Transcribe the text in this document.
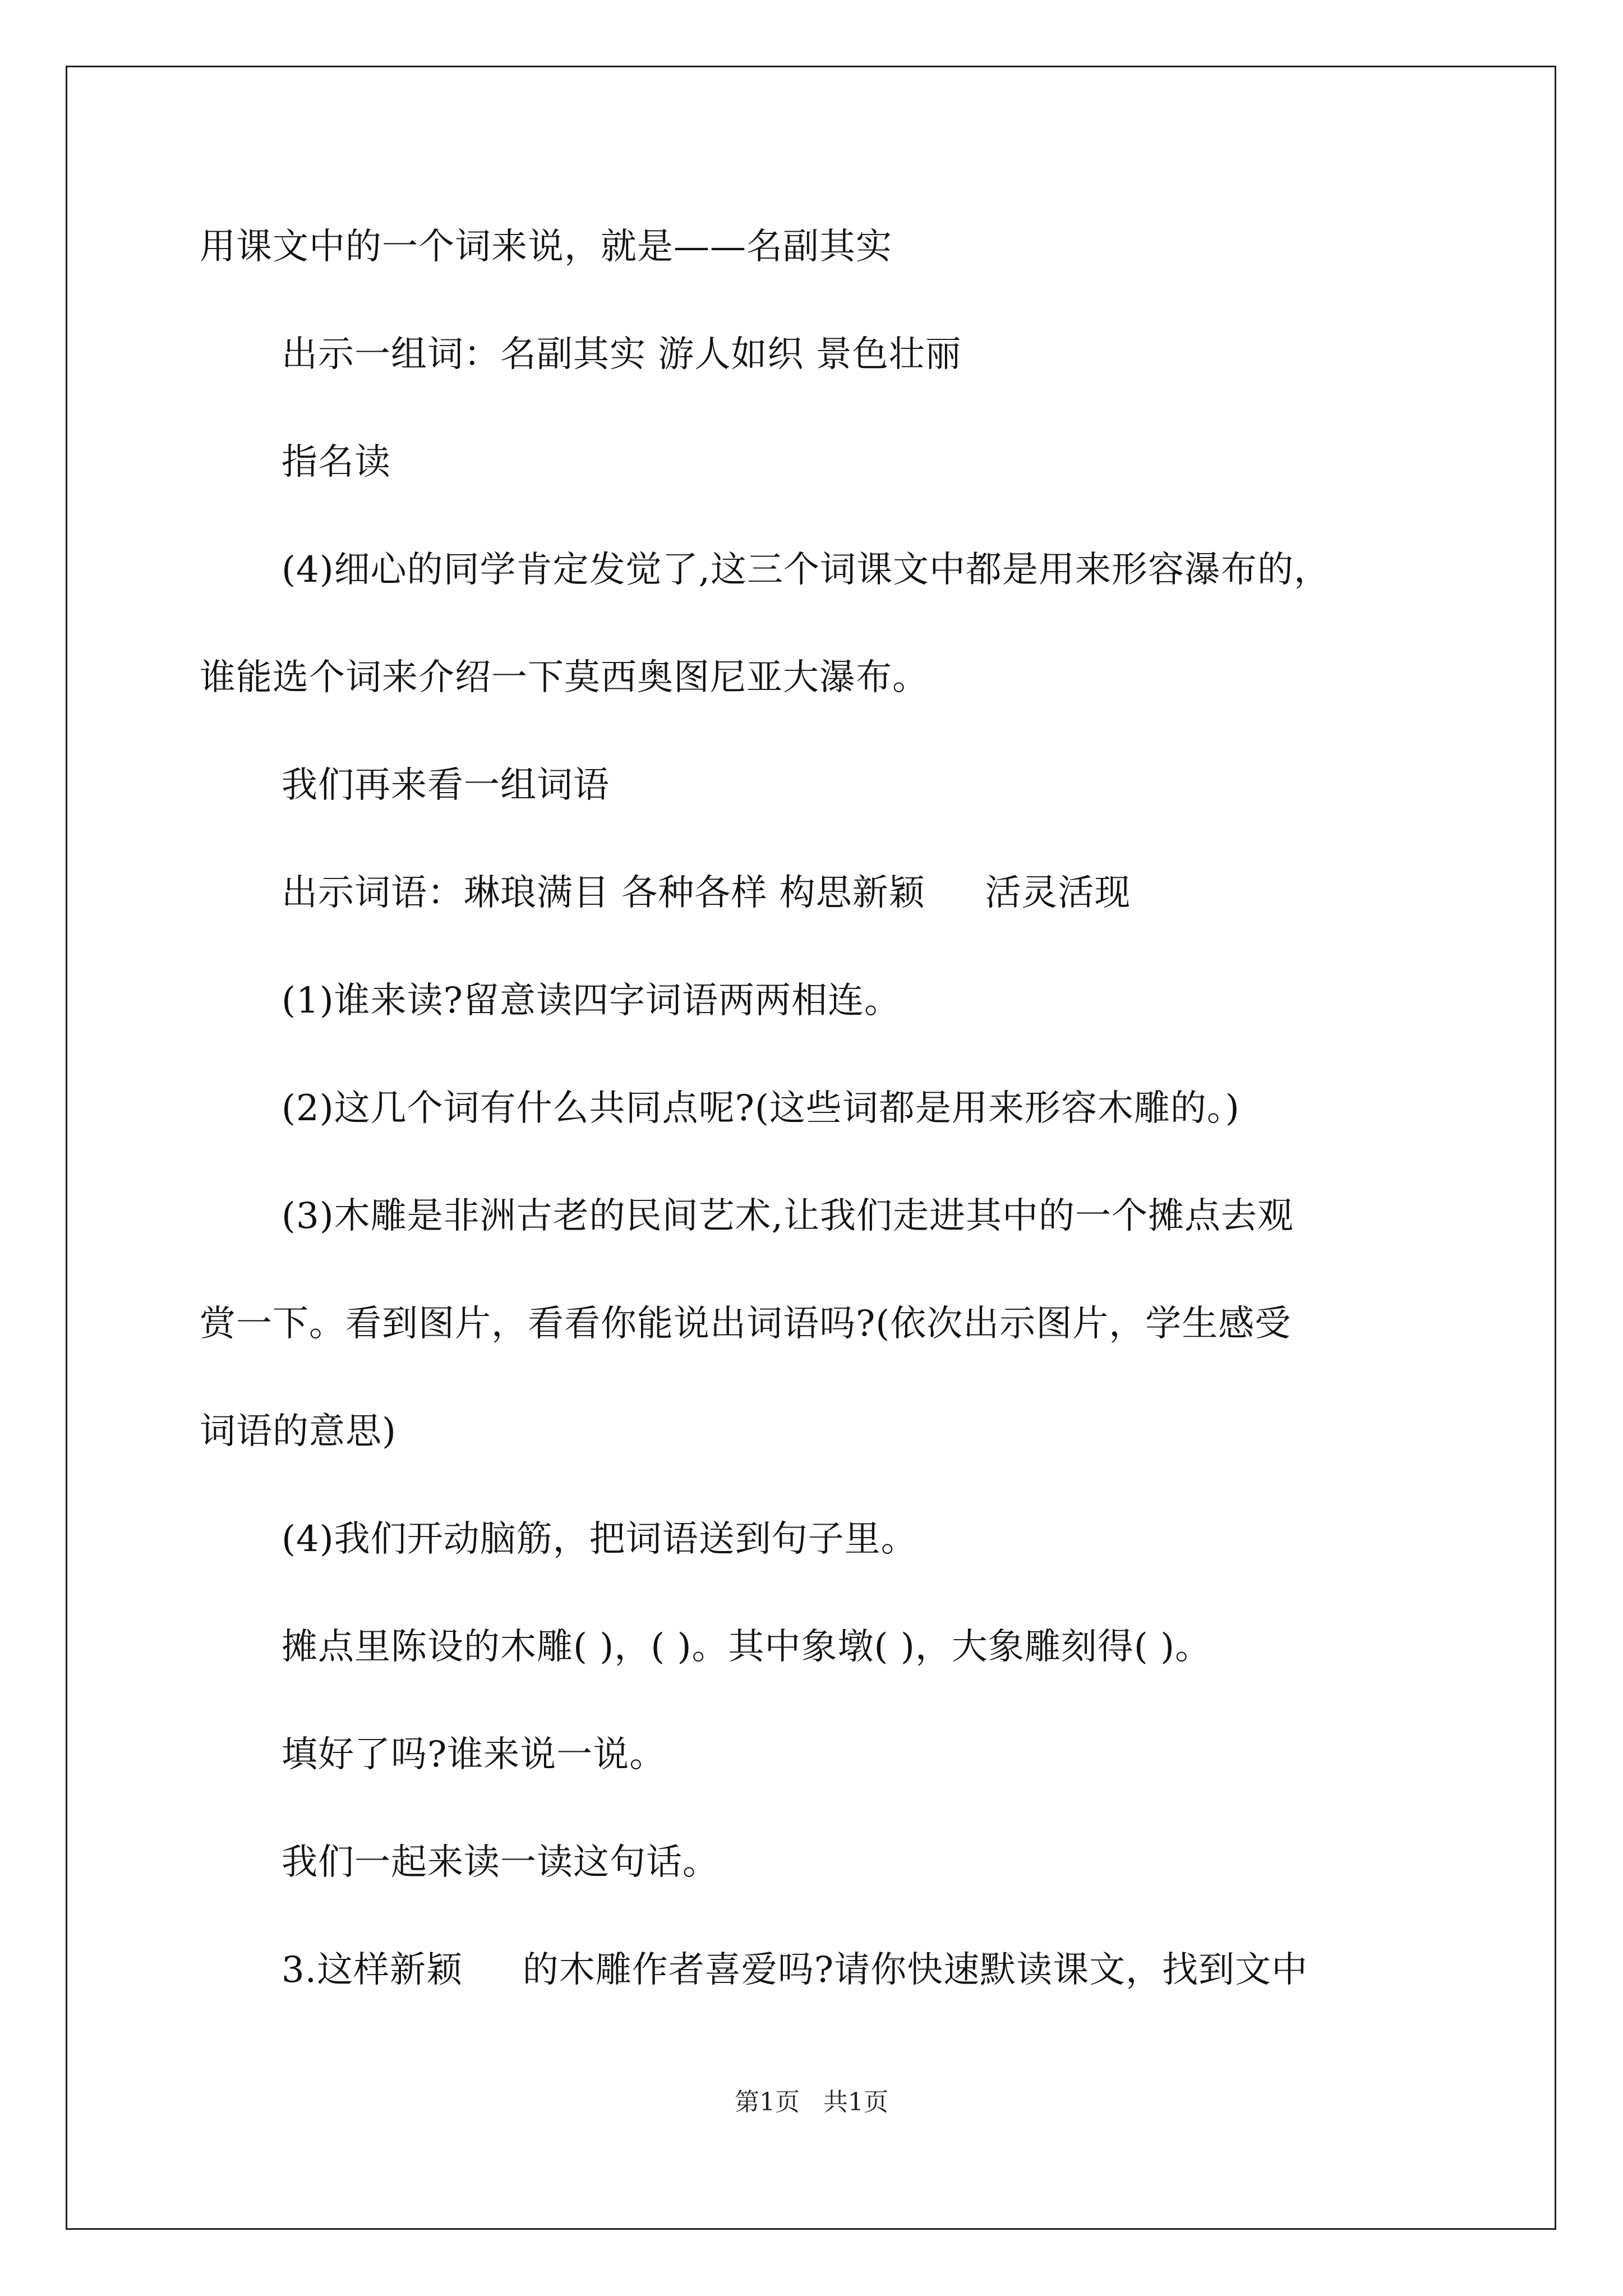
用课文中的一个词来说，就是——名副其实
出示一组词：名副其实 游人如织 景色壮丽
指名读
(4)细心的同学肯定发觉了,这三个词课文中都是用来形容瀑布的，
谁能选个词来介绍一下莫西奥图尼亚大瀑布。
我们再来看一组词语
出示词语：琳琅满目 各种各样 构思新颖     活灵活现
(1)谁来读?留意读四字词语两两相连。
(2)这几个词有什么共同点呢?(这些词都是用来形容木雕的。)
(3)木雕是非洲古老的民间艺术,让我们走进其中的一个摊点去观
赏一下。看到图片，看看你能说出词语吗?(依次出示图片，学生感受
词语的意思)
(4)我们开动脑筋，把词语送到句子里。
摊点里陈设的木雕( )，( )。其中象墩( )，大象雕刻得( )。
填好了吗?谁来说一说。
我们一起来读一读这句话。
3.这样新颖     的木雕作者喜爱吗?请你快速默读课文，找到文中
第1页   共1页
